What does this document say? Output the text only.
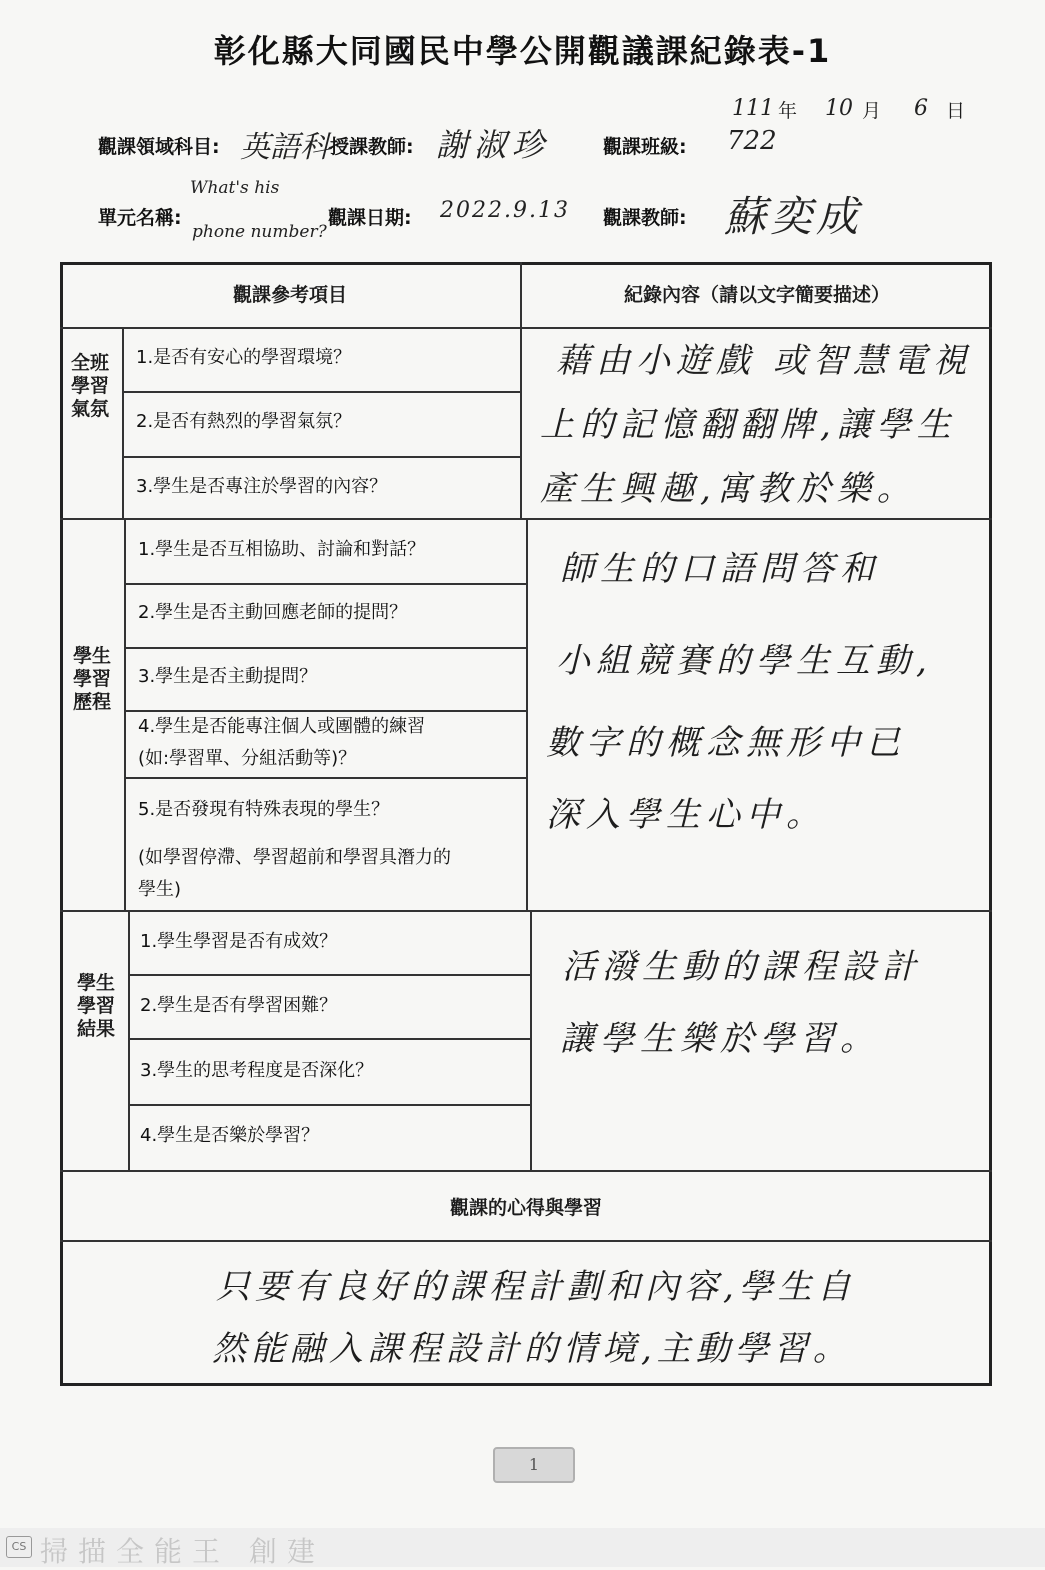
彰化縣大同國民中學公開觀議課紀錄表-1
111 年 10 月 6 日
觀課領域科目: 英語科 授課教師: 謝淑珍	觀課班級: 722
單元名稱:
What's his
phone number?
觀課日期: 2022.9.13 觀課教師: 蘇奕成
觀課參考項目	紀錄內容（請以文字簡要描述）
全班學習氣氛
1.是否有安心的學習環境？
2.是否有熱烈的學習氣氛？
3.學生是否專注於學習的內容？
藉由小遊戲 或智慧電視
上的記憶翻翻牌,讓學生
產生興趣,寓教於樂。
學生學習歷程
1.學生是否互相協助、討論和對話？
2.學生是否主動回應老師的提問？
3.學生是否主動提問？
4.學生是否能專注個人或團體的練習
(如:學習單、分組活動等)？
5.是否發現有特殊表現的學生？
(如學習停滯、學習超前和學習具潛力的
學生)
師生的口語問答和
小組競賽的學生互動,
數字的概念無形中已
深入學生心中。
學生學習結果
1.學生學習是否有成效？
2.學生是否有學習困難？
3.學生的思考程度是否深化？
4.學生是否樂於學習？
活潑生動的課程設計
讓學生樂於學習。
觀課的心得與學習
只要有良好的課程計劃和內容,學生自
然能融入課程設計的情境,主動學習。
1
CS 掃描全能王 創建
